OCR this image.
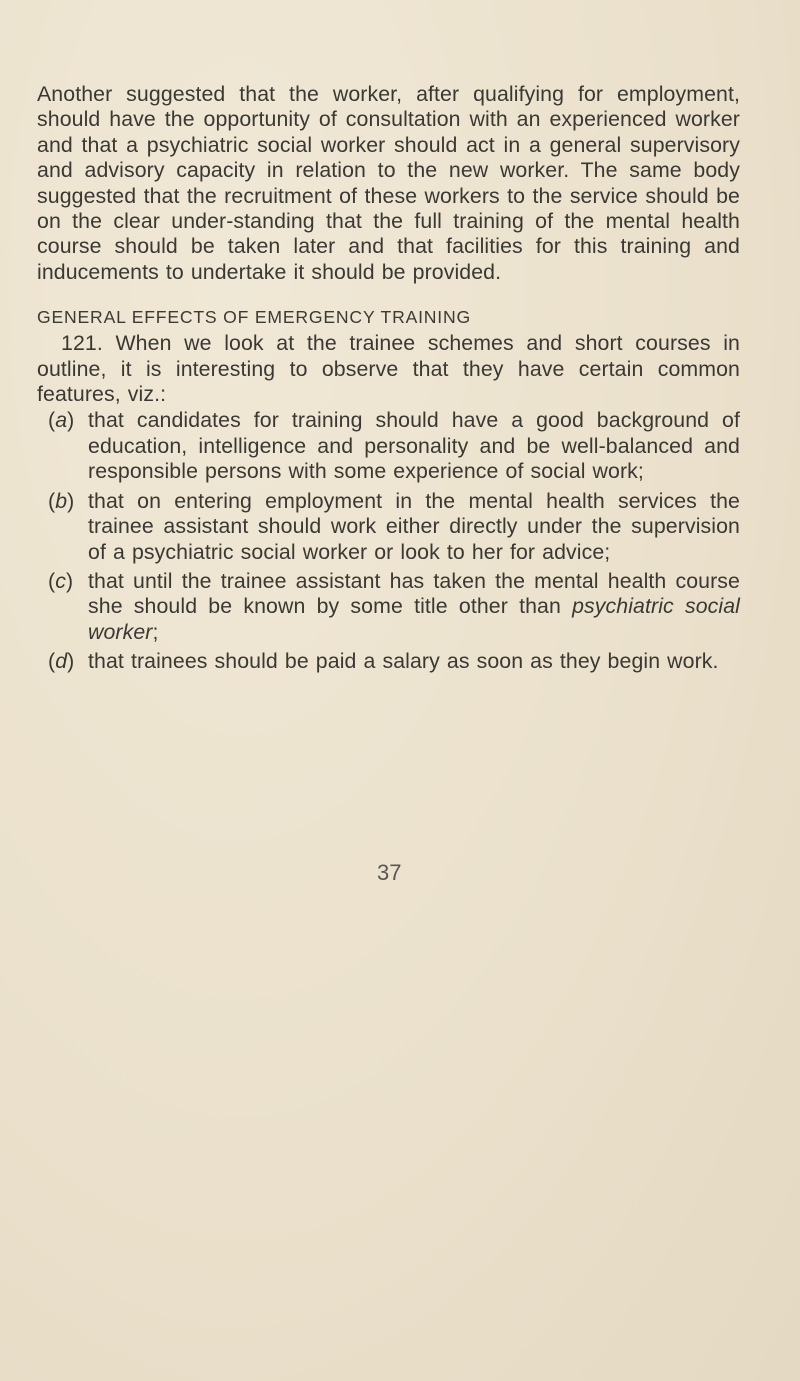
Another suggested that the worker, after qualifying for employment, should have the opportunity of consultation with an experienced worker and that a psychiatric social worker should act in a general supervisory and advisory capacity in relation to the new worker. The same body suggested that the recruitment of these workers to the service should be on the clear under-standing that the full training of the mental health course should be taken later and that facilities for this training and inducements to undertake it should be provided.

GENERAL EFFECTS OF EMERGENCY TRAINING

121. When we look at the trainee schemes and short courses in outline, it is interesting to observe that they have certain common features, viz.:

(a) that candidates for training should have a good background of education, intelligence and personality and be well-balanced and responsible persons with some experience of social work;
(b) that on entering employment in the mental health services the trainee assistant should work either directly under the supervision of a psychiatric social worker or look to her for advice;
(c) that until the trainee assistant has taken the mental health course she should be known by some title other than psychiatric social worker;
(d) that trainees should be paid a salary as soon as they begin work.
37
